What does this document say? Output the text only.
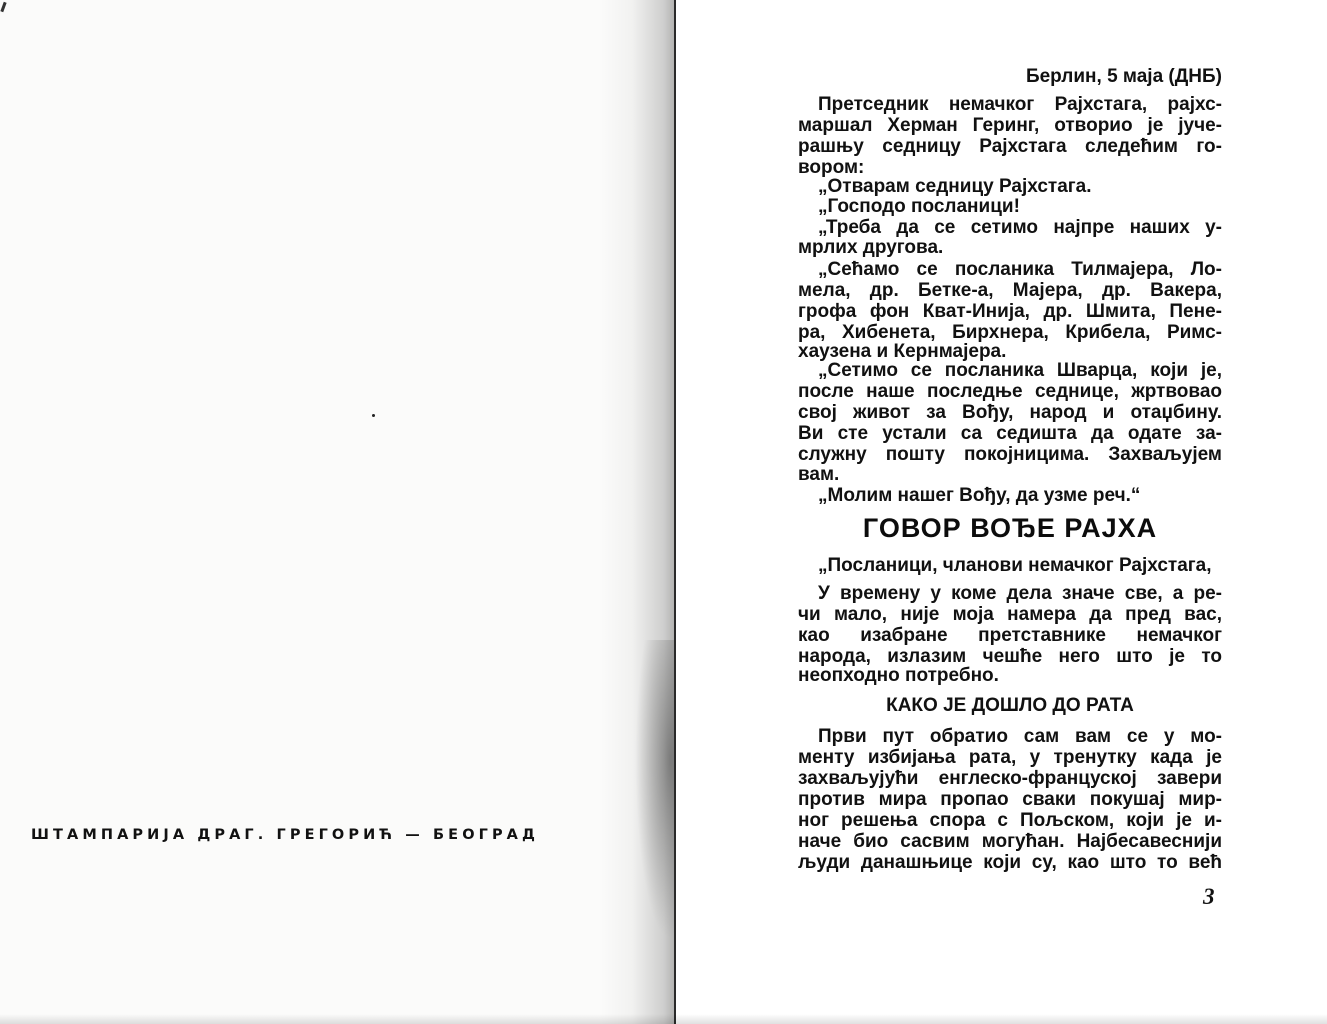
ШТАМПАРИЈА ДРАГ. ГРЕГОРИЋ — БЕОГРАД
Берлин, 5 маја (ДНБ)
Претседник немачког Рајхстага, рајхс-
маршал Херман Геринг, отворио је јуче-
рашњу седницу Рајхстага следећим го-
вором:
„Отварам седницу Рајхстага.
„Господо посланици!
„Треба да се сетимо најпре наших у-
мрлих другова.
„Сећамо се посланика Тилмајера, Ло-
мела, др. Бетке-а, Мајера, др. Вакера,
грофа фон Кват-Инија, др. Шмита, Пене-
ра, Хибенета, Бирхнера, Крибела, Римс-
хаузена и Кернмајера.
„Сетимо се посланика Шварца, који је,
после наше последње седнице, жртвовао
свој живот за Вођу, народ и отаџбину.
Ви сте устали са седишта да одате за-
служну пошту покојницима. Захваљујем
вам.
„Молим нашег Вођу, да узме реч.“
ГОВОР ВОЂЕ РАЈХА
„Посланици, чланови немачког Рајхстага,
У времену у коме дела значе све, а ре-
чи мало, није моја намера да пред вас,
као изабране претставнике немачког
народа, излазим чешће него што је то
неопходно потребно.
КАКО ЈЕ ДОШЛО ДО РАТА
Први пут обратио сам вам се у мо-
менту избијања рата, у тренутку када је
захваљујући енглеско-француској завери
против мира пропао сваки покушај мир-
ног решења спора с Пољском, који је и-
наче био сасвим могућан. Најбесавеснији
људи данашњице који су, као што то већ
3
